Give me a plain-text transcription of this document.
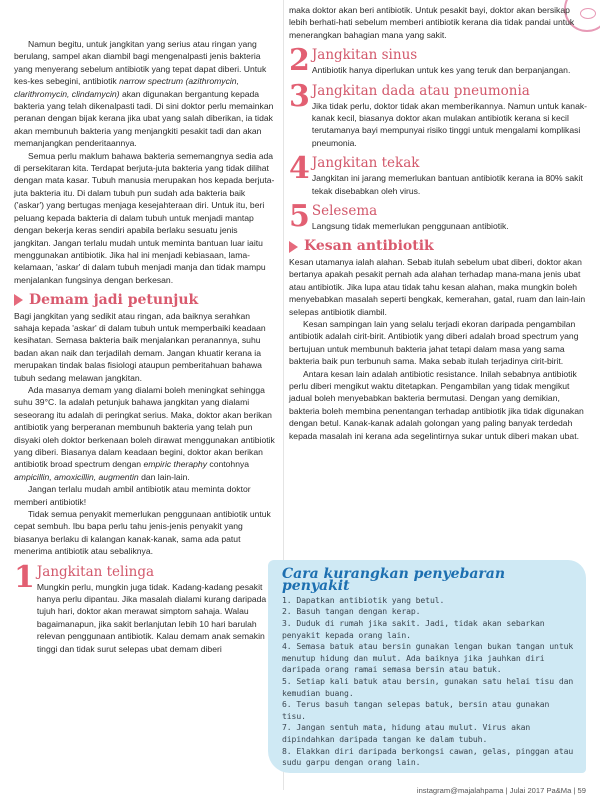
Namun begitu, untuk jangkitan yang serius atau ringan yang berulang, sampel akan diambil bagi mengenalpasti jenis bakteria yang menyerang sebelum antibiotik yang tepat dapat diberi. Untuk kes-kes sebegini, antibiotik narrow spectrum (azithromycin, clarithromycin, clindamycin) akan digunakan bergantung kepada bakteria yang telah dikenalpasti tadi. Di sini doktor perlu memainkan peranan dengan bijak kerana jika ubat yang salah diberikan, ia tidak akan membunuh bakteria yang menjangkiti pesakit tadi dan akan memanjangkan penderitaannya.

Semua perlu maklum bahawa bakteria sememangnya sedia ada di persekitaran kita. Terdapat berjuta-juta bakteria yang tidak dilihat dengan mata kasar. Tubuh manusia merupakan hos kepada berjuta-juta bakteria itu. Di dalam tubuh pun sudah ada bakteria baik ('askar') yang bertugas menjaga kesejahteraan diri. Untuk itu, beri peluang kepada bakteria di dalam tubuh untuk menjadi mantap dengan bekerja keras sendiri apabila berlaku sesuatu jenis jangkitan. Jangan terlalu mudah untuk meminta bantuan luar iaitu menggunakan antibiotik. Jika hal ini menjadi kebiasaan, lama-kelamaan, 'askar' di dalam tubuh menjadi manja dan tidak mampu menjalankan fungsinya dengan berkesan.

Demam jadi petunjuk

Bagi jangkitan yang sedikit atau ringan, ada baiknya serahkan sahaja kepada 'askar' di dalam tubuh untuk memperbaiki keadaan kesihatan. Semasa bakteria baik menjalankan peranannya, suhu badan akan naik dan terjadilah demam. Jangan khuatir kerana ia merupakan tindak balas fisiologi ataupun pemberitahuan bahawa tubuh sedang melawan jangkitan.

Ada masanya demam yang dialami boleh meningkat sehingga suhu 39°C. Ia adalah petunjuk bahawa jangkitan yang dialami seseorang itu adalah di peringkat serius. Maka, doktor akan berikan antibiotik yang berperanan membunuh bakteria yang telah pun disyaki oleh doktor berkenaan boleh dirawat menggunakan antibiotik yang diberi. Biasanya dalam keadaan begini, doktor akan berikan antibiotik broad spectrum dengan empiric theraphy contohnya ampicillin, amoxicillin, augmentin dan lain-lain.

Jangan terlalu mudah ambil antibiotik atau meminta doktor memberi antibiotik!

Tidak semua penyakit memerlukan penggunaan antibiotik untuk cepat sembuh. Ibu bapa perlu tahu jenis-jenis penyakit yang biasanya berlaku di kalangan kanak-kanak, sama ada patut menerima antibiotik atau sebaliknya.

1 Jangkitan telinga
Mungkin perlu, mungkin juga tidak. Kadang-kadang pesakit hanya perlu dipantau. Jika masalah dialami kurang daripada tujuh hari, doktor akan merawat simptom sahaja. Walau bagaimanapun, jika sakit berlanjutan lebih 10 hari barulah relevan penggunaan antibiotik. Kalau demam anak semakin tinggi dan tidak surut selepas ubat demam diberi

maka doktor akan beri antibiotik. Untuk pesakit bayi, doktor akan bersikap lebih berhati-hati sebelum memberi antibiotik kerana dia tidak pandai untuk menerangkan bahagian mana yang sakit.

2 Jangkitan sinus
Antibiotik hanya diperlukan untuk kes yang teruk dan berpanjangan.
3 Jangkitan dada atau pneumonia
Jika tidak perlu, doktor tidak akan memberikannya. Namun untuk kanak-kanak kecil, biasanya doktor akan mulakan antibiotik kerana si kecil terutamanya bayi mempunyai risiko tinggi untuk mengalami komplikasi pneumonia.
4 Jangkitan tekak
Jangkitan ini jarang memerlukan bantuan antibiotik kerana ia 80% sakit tekak disebabkan oleh virus.
5 Selesema
Langsung tidak memerlukan penggunaan antibiotik.
Kesan antibiotik

Kesan utamanya ialah alahan. Sebab itulah sebelum ubat diberi, doktor akan bertanya apakah pesakit pernah ada alahan terhadap mana-mana jenis ubat atau antibiotik. Jika lupa atau tidak tahu kesan alahan, maka mungkin boleh menyebabkan masalah seperti bengkak, kemerahan, gatal, ruam dan lain-lain selepas antibiotik diambil.

Kesan sampingan lain yang selalu terjadi ekoran daripada pengambilan antibiotik adalah cirit-birit. Antibiotik yang diberi adalah broad spectrum yang bertujuan untuk membunuh bakteria jahat tetapi dalam masa yang sama bakteria baik pun terbunuh sama. Maka sebab itulah terjadinya cirit-birit.

Antara kesan lain adalah antibiotic resistance. Inilah sebabnya antibiotik perlu diberi mengikut waktu ditetapkan. Pengambilan yang tidak mengikut jadual boleh menyebabkan bakteria bermutasi. Dengan yang demikian, bakteria boleh membina penentangan terhadap antibiotik jika tidak digunakan dengan betul. Kanak-kanak adalah golongan yang paling banyak terdedah kepada masalah ini kerana ada segelintirnya sukar untuk diberi makan ubat.

Cara kurangkan penyebaran penyakit
1. Dapatkan antibiotik yang betul.
2. Basuh tangan dengan kerap.
3. Duduk di rumah jika sakit. Jadi, tidak akan sebarkan penyakit kepada orang lain.
4. Semasa batuk atau bersin gunakan lengan bukan tangan untuk menutup hidung dan mulut. Ada baiknya jika jauhkan diri daripada orang ramai semasa bersin atau batuk.
5. Setiap kali batuk atau bersin, gunakan satu helai tisu dan kemudian buang.
6. Terus basuh tangan selepas batuk, bersin atau gunakan tisu.
7. Jangan sentuh mata, hidung atau mulut. Virus akan dipindahkan daripada tangan ke dalam tubuh.
8. Elakkan diri daripada berkongsi cawan, gelas, pinggan atau sudu garpu dengan orang lain.
instagram@majalahpama | Julai 2017 Pa&Ma | 59
